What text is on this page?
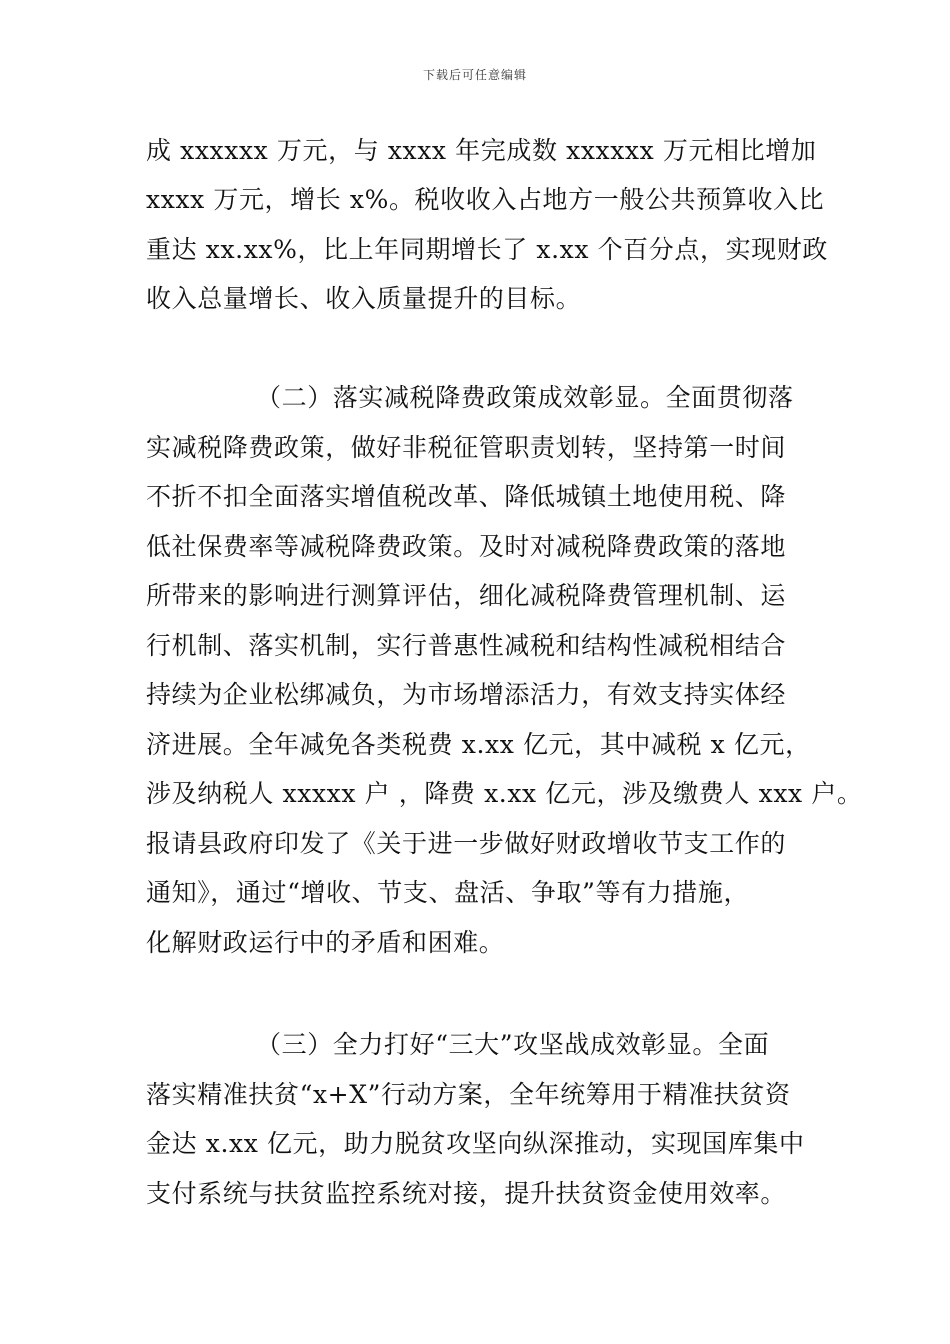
下载后可任意编辑
成 xxxxxx 万元，与 xxxx 年完成数 xxxxxx 万元相比增加
xxxx 万元，增长 x%。税收收入占地方一般公共预算收入比
重达 xx.xx%，比上年同期增长了 x.xx 个百分点，实现财政
收入总量增长、收入质量提升的目标。
（二）落实减税降费政策成效彰显。全面贯彻落
实减税降费政策，做好非税征管职责划转，坚持第一时间
不折不扣全面落实增值税改革、降低城镇土地使用税、降
低社保费率等减税降费政策。及时对减税降费政策的落地
所带来的影响进行测算评估，细化减税降费管理机制、运
行机制、落实机制，实行普惠性减税和结构性减税相结合
持续为企业松绑减负，为市场增添活力，有效支持实体经
济进展。全年减免各类税费 x.xx 亿元，其中减税 x 亿元，
涉及纳税人 xxxxx 户 ，降费 x.xx 亿元，涉及缴费人 xxx 户。
报请县政府印发了《关于进一步做好财政增收节支工作的
通知》，通过“增收、节支、盘活、争取”等有力措施，
化解财政运行中的矛盾和困难。
（三）全力打好“三大”攻坚战成效彰显。全面
落实精准扶贫“x+X”行动方案，全年统筹用于精准扶贫资
金达 x.xx 亿元，助力脱贫攻坚向纵深推动，实现国库集中
支付系统与扶贫监控系统对接，提升扶贫资金使用效率。
